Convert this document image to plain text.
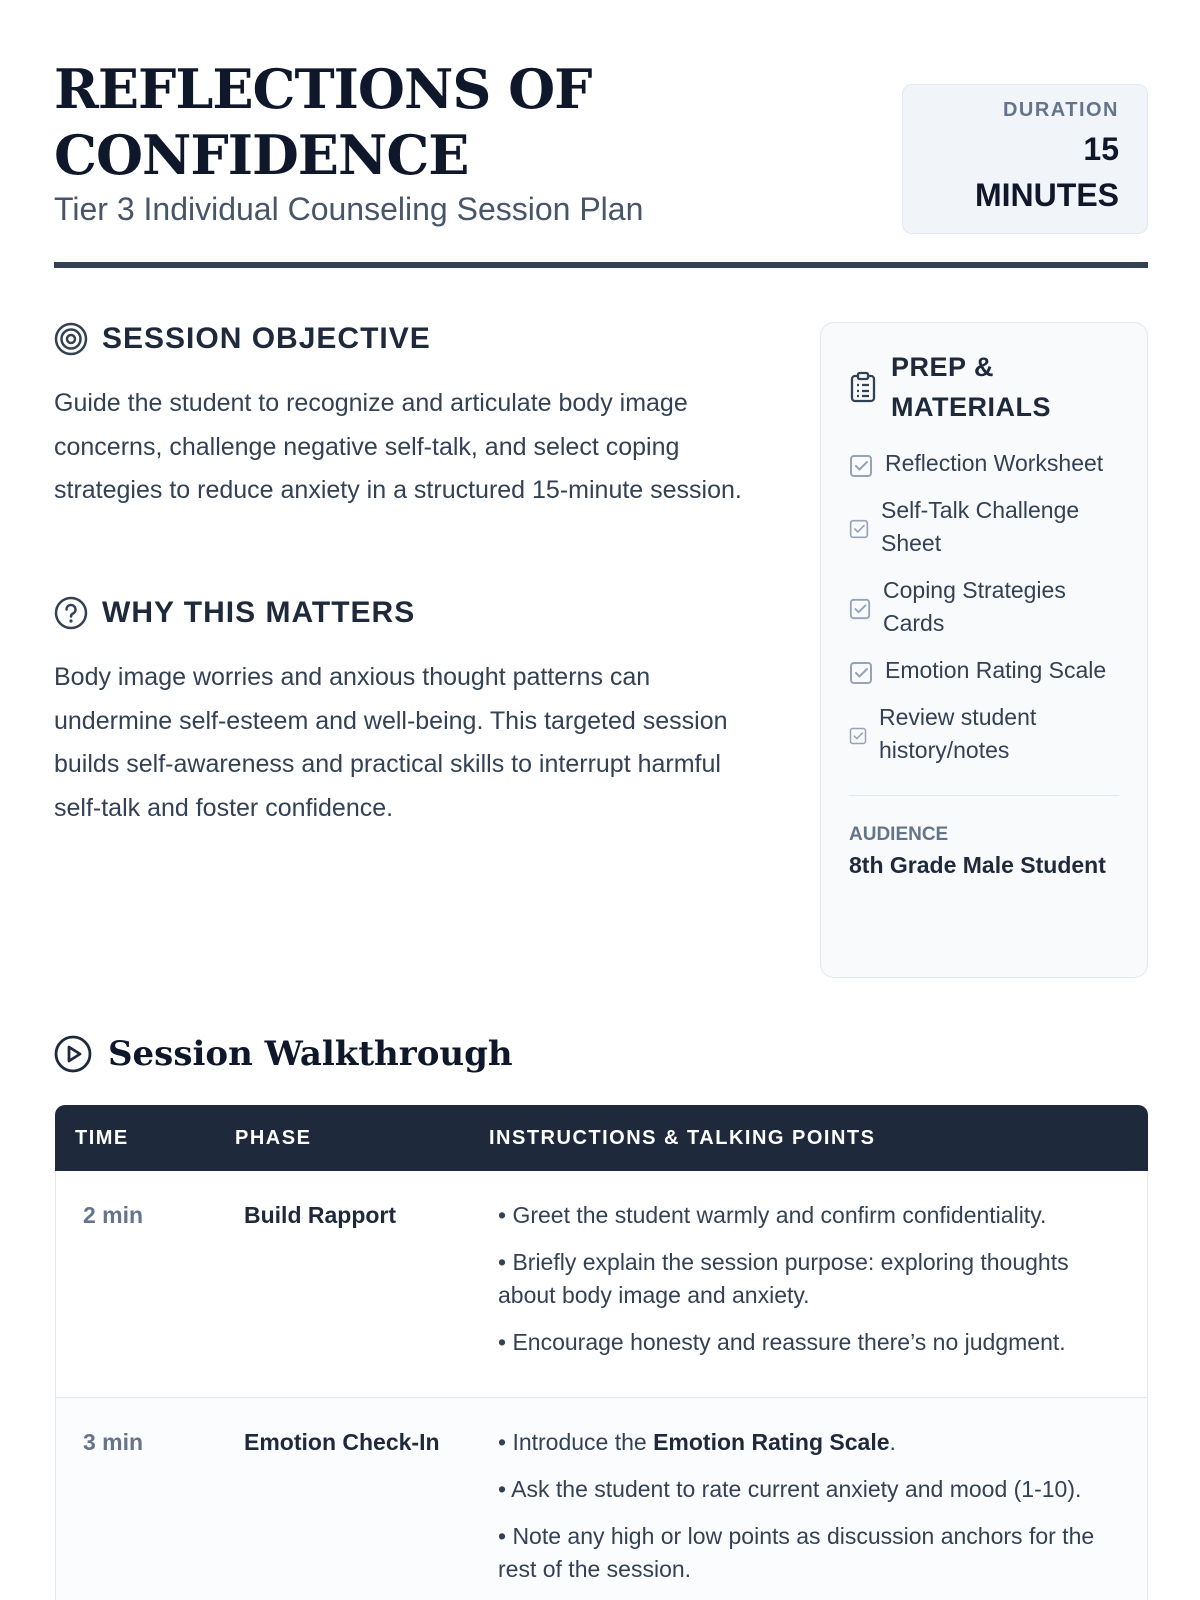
REFLECTIONS OF CONFIDENCE
Tier 3 Individual Counseling Session Plan
DURATION
15 MINUTES
SESSION OBJECTIVE

Guide the student to recognize and articulate body image concerns, challenge negative self-talk, and select coping strategies to reduce anxiety in a structured 15-minute session.

WHY THIS MATTERS

Body image worries and anxious thought patterns can undermine self-esteem and well-being. This targeted session builds self-awareness and practical skills to interrupt harmful self-talk and foster confidence.

PREP & MATERIALS
Reflection Worksheet
Self-Talk Challenge Sheet
Coping Strategies Cards
Emotion Rating Scale
Review student history/notes
AUDIENCE
8th Grade Male Student
Session Walkthrough
TIME	PHASE	INSTRUCTIONS & TALKING POINTS
2 min	Build Rapport	• Greet the student warmly and confirm confidentiality.

• Briefly explain the session purpose: exploring thoughts about body image and anxiety.

• Encourage honesty and reassure there’s no judgment.

3 min	Emotion Check-In	• Introduce the Emotion Rating Scale.

• Ask the student to rate current anxiety and mood (1-10).

• Note any high or low points as discussion anchors for the rest of the session.
